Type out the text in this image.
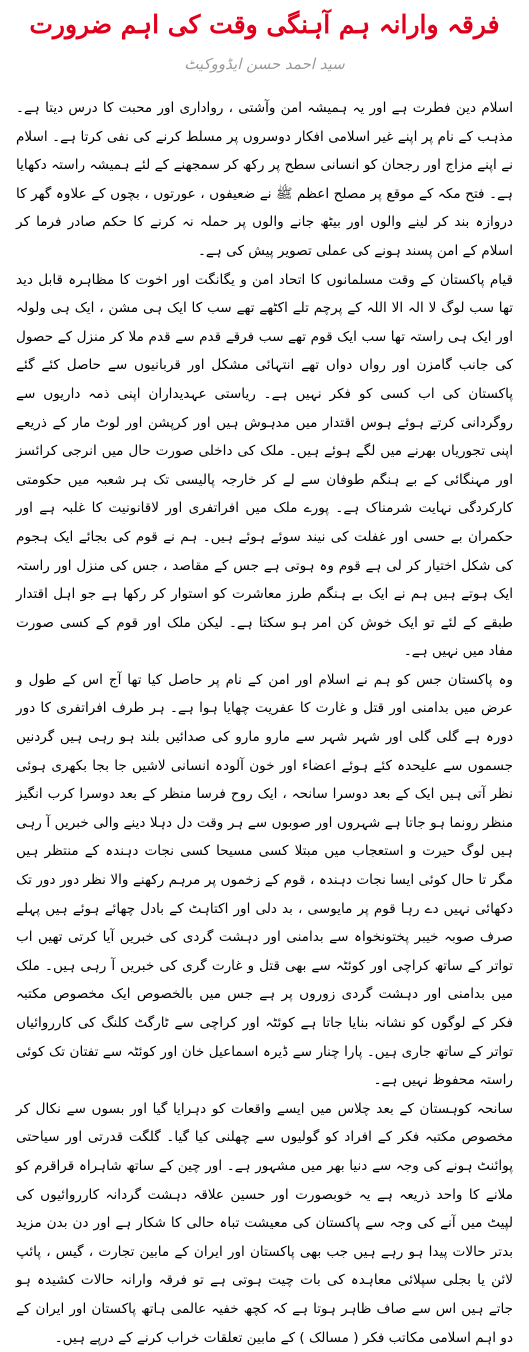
فرقہ وارانہ ہم آہنگی وقت کی اہم ضرورت
سید احمد حسن ایڈووکیٹ
اسلام دین فطرت ہے اور یہ ہمیشہ امن وآشتی ، رواداری اور محبت کا درس دیتا ہے۔ مذہب کے نام پر اپنے غیر اسلامی افکار دوسروں پر مسلط کرنے کی نفی کرتا ہے۔ اسلام نے اپنے مزاج اور رجحان کو انسانی سطح پر رکھ کر سمجھنے کے لئے ہمیشہ راستہ دکھایا ہے۔ فتح مکہ کے موقع پر مصلح اعظم ﷺ نے ضعیفوں ، عورتوں ، بچوں کے علاوہ گھر کا دروازہ بند کر لینے والوں اور بیٹھ جانے والوں پر حملہ نہ کرنے کا حکم صادر فرما کر اسلام کے امن پسند ہونے کی عملی تصویر پیش کی ہے۔
قیام پاکستان کے وقت مسلمانوں کا اتحاد امن و یگانگت اور اخوت کا مظاہرہ قابل دید تھا سب لوگ لا الہ الا اللہ کے پرچم تلے اکٹھے تھے سب کا ایک ہی مشن ، ایک ہی ولولہ اور ایک ہی راستہ تھا سب ایک قوم تھے سب فرقے قدم سے قدم ملا کر منزل کے حصول کی جانب گامزن اور رواں دواں تھے انتہائی مشکل اور قربانیوں سے حاصل کئے گئے پاکستان کی اب کسی کو فکر نہیں ہے۔ ریاستی عہدیداران اپنی ذمہ داریوں سے روگردانی کرتے ہوئے ہوس اقتدار میں مدہوش ہیں اور کرپشن اور لوٹ مار کے ذریعے اپنی تجوریاں بھرنے میں لگے ہوئے ہیں۔ ملک کی داخلی صورت حال میں انرجی کرائسز اور مہنگائی کے بے ہنگم طوفان سے لے کر خارجہ پالیسی تک ہر شعبہ میں حکومتی کارکردگی نہایت شرمناک ہے۔ پورے ملک میں افراتفری اور لاقانونیت کا غلبہ ہے اور حکمران بے حسی اور غفلت کی نیند سوئے ہوئے ہیں۔ ہم نے قوم کی بجائے ایک ہجوم کی شکل اختیار کر لی ہے قوم وہ ہوتی ہے جس کے مقاصد ، جس کی منزل اور راستہ ایک ہوتے ہیں ہم نے ایک بے ہنگم طرز معاشرت کو استوار کر رکھا ہے جو اہل اقتدار طبقے کے لئے تو ایک خوش کن امر ہو سکتا ہے۔ لیکن ملک اور قوم کے کسی صورت مفاد میں نہیں ہے۔
وہ پاکستان جس کو ہم نے اسلام اور امن کے نام پر حاصل کیا تھا آج اس کے طول و عرض میں بدامنی اور قتل و غارت کا عفریت چھایا ہوا ہے۔ ہر طرف افراتفری کا دور دورہ ہے گلی گلی اور شہر شہر سے مارو مارو کی صدائیں بلند ہو رہی ہیں گردنیں جسموں سے علیحدہ کئے ہوئے اعضاء اور خون آلودہ انسانی لاشیں جا بجا بکھری ہوئی نظر آتی ہیں ایک کے بعد دوسرا سانحہ ، ایک روح فرسا منظر کے بعد دوسرا کرب انگیز منظر رونما ہو جاتا ہے شہروں اور صوبوں سے ہر وقت دل دہلا دینے والی خبریں آ رہی ہیں لوگ حیرت و استعجاب میں مبتلا کسی مسیحا کسی نجات دہندہ کے منتظر ہیں مگر تا حال کوئی ایسا نجات دہندہ ، قوم کے زخموں پر مرہم رکھنے والا نظر دور دور تک دکھائی نہیں دے رہا قوم پر مایوسی ، بد دلی اور اکتاہٹ کے بادل چھائے ہوئے ہیں پہلے صرف صوبہ خیبر پختونخواہ سے بدامنی اور دہشت گردی کی خبریں آیا کرتی تھیں اب تواتر کے ساتھ کراچی اور کوئٹہ سے بھی قتل و غارت گری کی خبریں آ رہی ہیں۔ ملک میں بدامنی اور دہشت گردی زوروں پر ہے جس میں بالخصوص ایک مخصوص مکتبہ فکر کے لوگوں کو نشانہ بنایا جاتا ہے کوئٹہ اور کراچی سے ٹارگٹ کلنگ کی کارروائیاں تواتر کے ساتھ جاری ہیں۔ پارا چنار سے ڈیرہ اسماعیل خان اور کوئٹہ سے تفتان تک کوئی راستہ محفوظ نہیں ہے۔
سانحہ کوہستان کے بعد چلاس میں ایسے واقعات کو دہرایا گیا اور بسوں سے نکال کر مخصوص مکتبہ فکر کے افراد کو گولیوں سے چھلنی کیا گیا۔ گلگت قدرتی اور سیاحتی پوائنٹ ہونے کی وجہ سے دنیا بھر میں مشہور ہے۔ اور چین کے ساتھ شاہراہ قراقرم کو ملانے کا واحد ذریعہ ہے یہ خوبصورت اور حسین علاقہ دہشت گردانہ کارروائیوں کی لپیٹ میں آنے کی وجہ سے پاکستان کی معیشت تباہ حالی کا شکار ہے اور دن بدن مزید بدتر حالات پیدا ہو رہے ہیں جب بھی پاکستان اور ایران کے مابین تجارت ، گیس ، پائپ لائن یا بجلی سپلائی معاہدہ کی بات چیت ہوتی ہے تو فرقہ وارانہ حالات کشیدہ ہو جاتے ہیں اس سے صاف ظاہر ہوتا ہے کہ کچھ خفیہ عالمی ہاتھ پاکستان اور ایران کے دو اہم اسلامی مکاتب فکر ( مسالک ) کے مابین تعلقات خراب کرنے کے درپے ہیں۔
